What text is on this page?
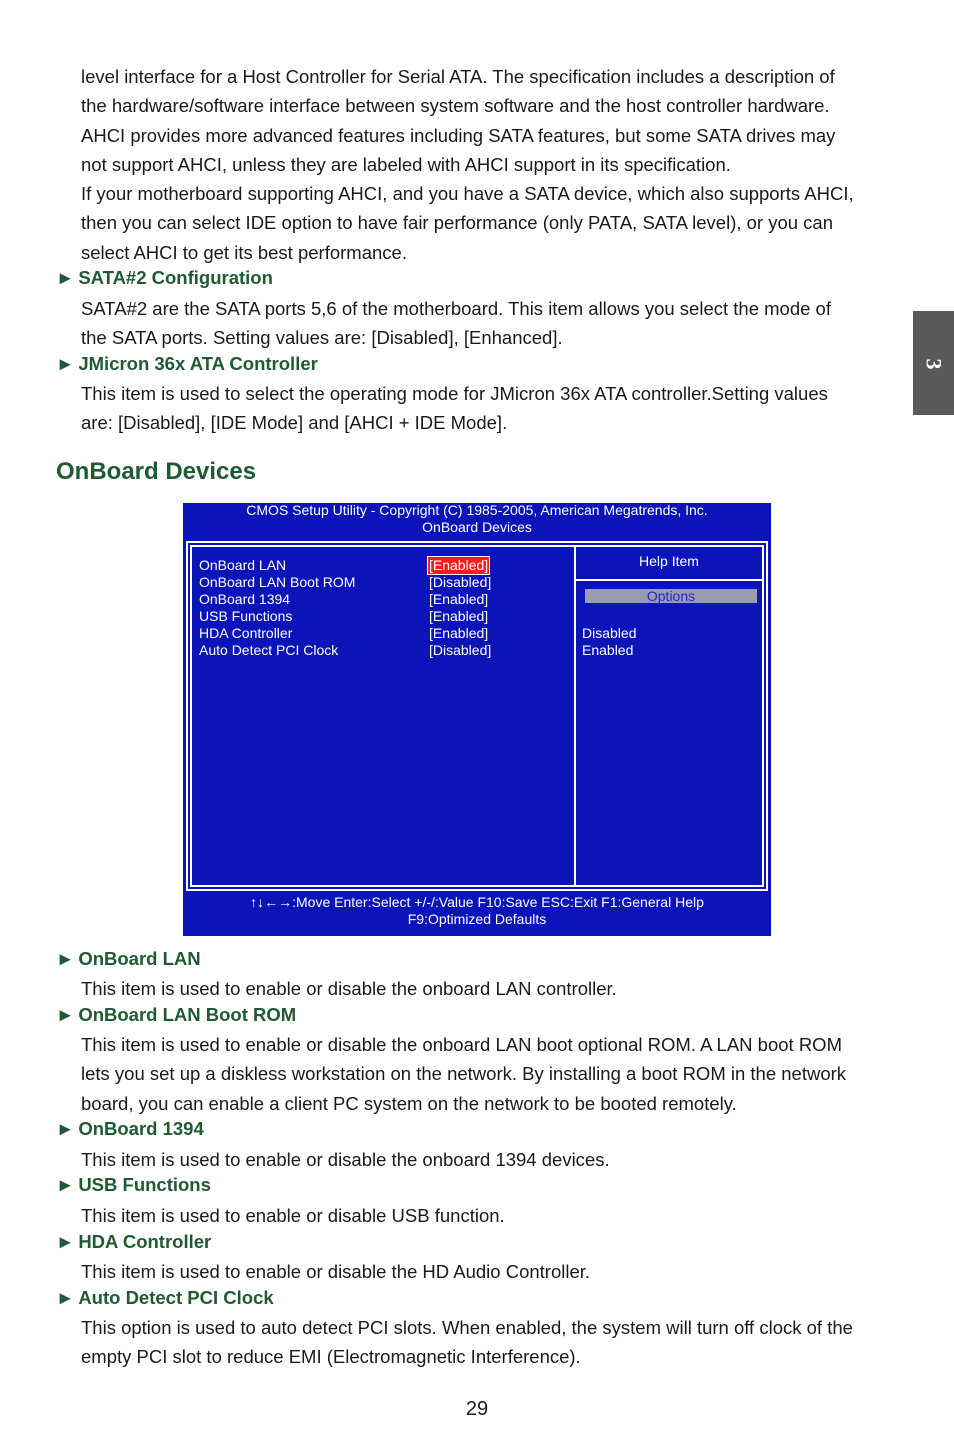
3
level interface for a Host Controller for Serial ATA. The specification includes a description of
the hardware/software interface between system software and the host controller hardware.
AHCI provides more advanced features including SATA features, but some SATA drives may
not support AHCI, unless they are labeled with AHCI support in its specification.
If your motherboard supporting AHCI, and you have a SATA device, which also supports AHCI,
then you can select IDE option to have fair performance (only PATA, SATA level), or you can
select AHCI to get its best performance.
► SATA#2 Configuration
SATA#2 are the SATA ports 5,6 of the motherboard. This item allows you select the mode of
the SATA ports. Setting values are: [Disabled], [Enhanced].
► JMicron 36x ATA Controller
This item is used to select the operating mode for JMicron 36x ATA controller.Setting values
are: [Disabled], [IDE Mode] and [AHCI + IDE Mode].
OnBoard Devices
CMOS Setup Utility - Copyright (C) 1985-2005, American Megatrends, Inc.
OnBoard Devices
OnBoard LAN	[Enabled]
OnBoard LAN Boot ROM	[Disabled]
OnBoard 1394	[Enabled]
USB Functions	[Enabled]
HDA Controller	[Enabled]
Auto Detect PCI Clock	[Disabled]
Help Item
Options
Disabled
Enabled
↑↓←→:Move Enter:Select +/-/:Value F10:Save ESC:Exit F1:General Help
F9:Optimized Defaults
► OnBoard LAN
This item is used to enable or disable the onboard LAN controller.
► OnBoard LAN Boot ROM
This item is used to enable or disable the onboard LAN boot optional ROM. A LAN boot ROM
lets you set up a diskless workstation on the network. By installing a boot ROM in the network
board, you can enable a client PC system on the network to be booted remotely.
► OnBoard 1394
This item is used to enable or disable the onboard 1394 devices.
► USB Functions
This item is used to enable or disable USB function.
► HDA Controller
This item is used to enable or disable the HD Audio Controller.
► Auto Detect PCI Clock
This option is used to auto detect PCI slots. When enabled, the system will turn off clock of the
empty PCI slot to reduce EMI (Electromagnetic Interference).
29
